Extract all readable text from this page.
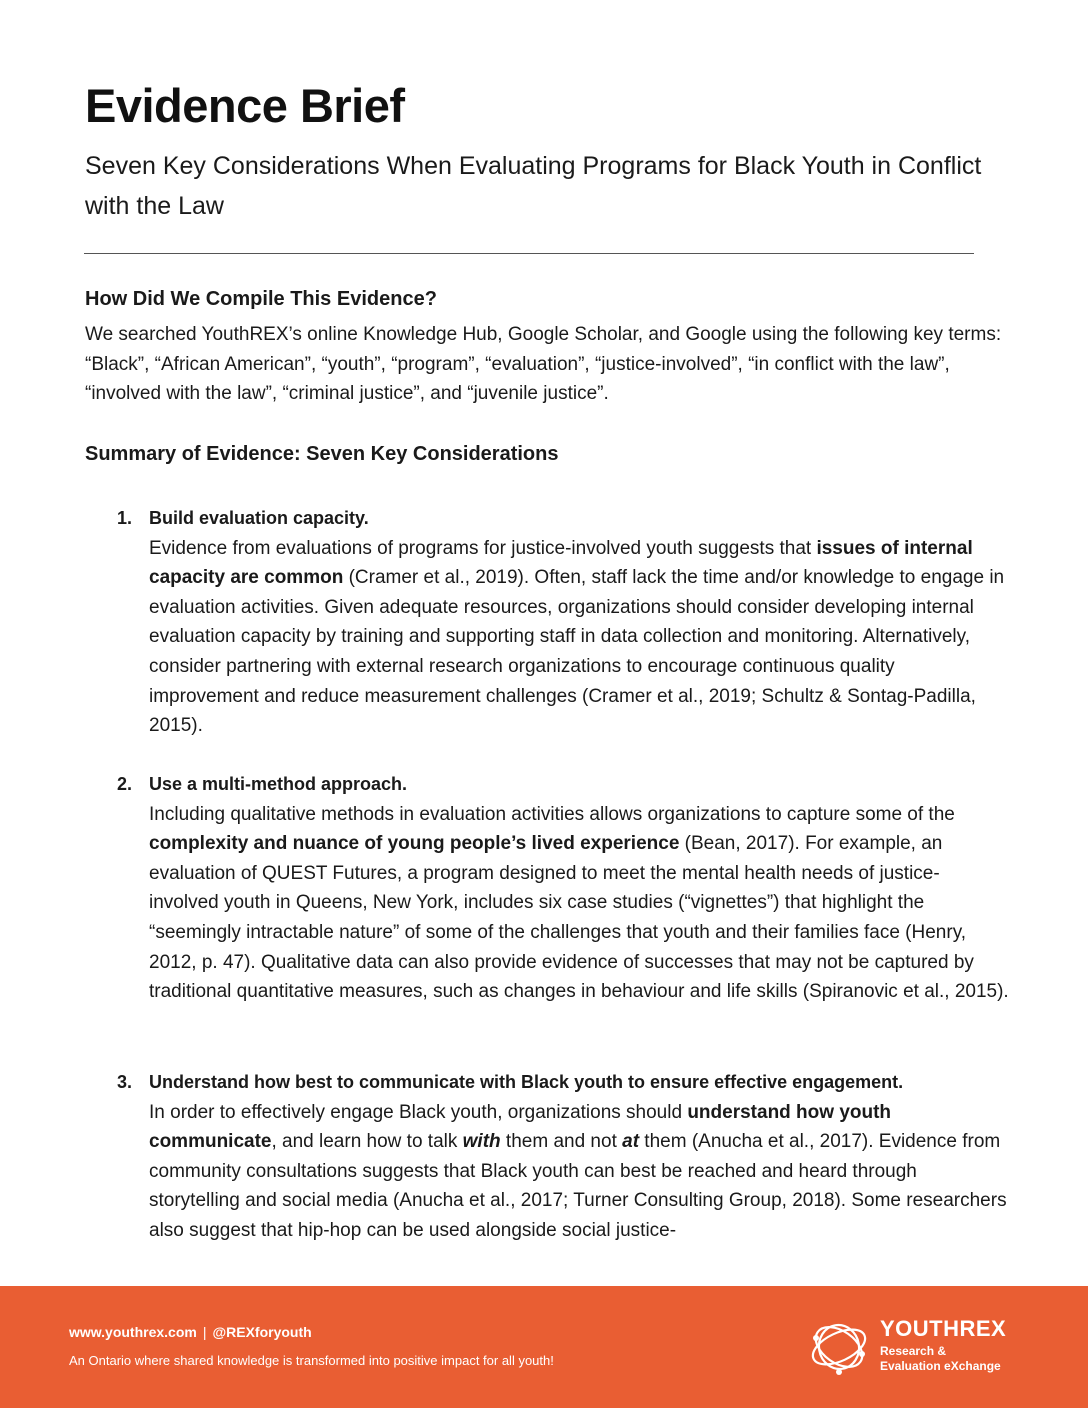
Evidence Brief
Seven Key Considerations When Evaluating Programs for Black Youth in Conflict with the Law
How Did We Compile This Evidence?

We searched YouthREX’s online Knowledge Hub, Google Scholar, and Google using the following key terms: “Black”, “African American”, “youth”, “program”, “evaluation”, “justice-involved”, “in conflict with the law”, “involved with the law”, “criminal justice”, and “juvenile justice”.

Summary of Evidence: Seven Key Considerations
1. Build evaluation capacity.

Evidence from evaluations of programs for justice-involved youth suggests that issues of internal capacity are common (Cramer et al., 2019). Often, staff lack the time and/or knowledge to engage in evaluation activities. Given adequate resources, organizations should consider developing internal evaluation capacity by training and supporting staff in data collection and monitoring. Alternatively, consider partnering with external research organizations to encourage continuous quality improvement and reduce measurement challenges (Cramer et al., 2019; Schultz & Sontag-Padilla, 2015).

2. Use a multi-method approach.

Including qualitative methods in evaluation activities allows organizations to capture some of the complexity and nuance of young people’s lived experience (Bean, 2017). For example, an evaluation of QUEST Futures, a program designed to meet the mental health needs of justice-involved youth in Queens, New York, includes six case studies (“vignettes”) that highlight the “seemingly intractable nature” of some of the challenges that youth and their families face (Henry, 2012, p. 47). Qualitative data can also provide evidence of successes that may not be captured by traditional quantitative measures, such as changes in behaviour and life skills (Spiranovic et al., 2015).

3. Understand how best to communicate with Black youth to ensure effective engagement.

In order to effectively engage Black youth, organizations should understand how youth communicate, and learn how to talk with them and not at them (Anucha et al., 2017). Evidence from community consultations suggests that Black youth can best be reached and heard through storytelling and social media (Anucha et al., 2017; Turner Consulting Group, 2018). Some researchers also suggest that hip-hop can be used alongside social justice-

www.youthrex.com | @REXforyouth
An Ontario where shared knowledge is transformed into positive impact for all youth!
YOUTHREX
Research &
Evaluation eXchange
